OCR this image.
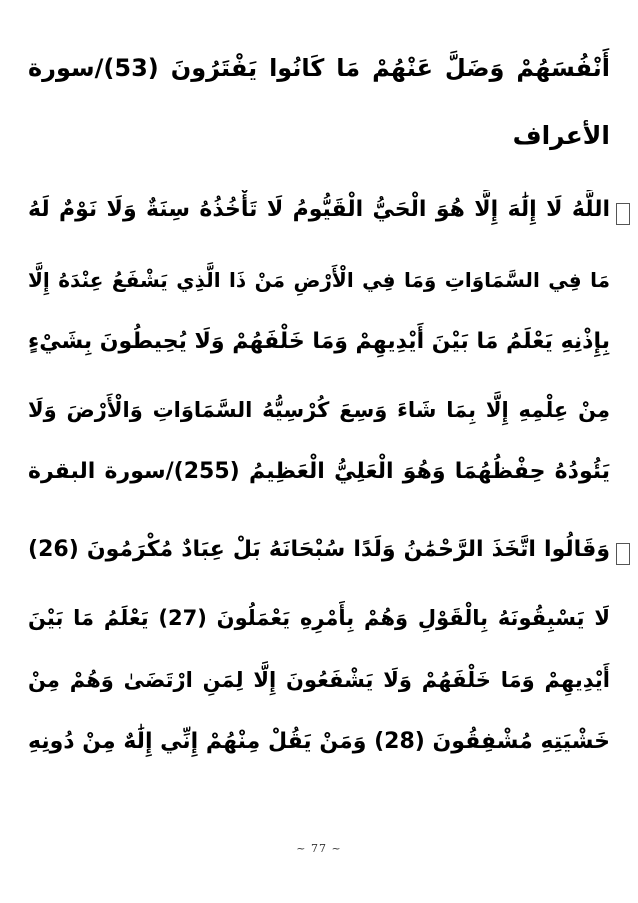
أَنْفُسَهُمْ وَضَلَّ عَنْهُمْ مَا كَانُوا يَفْتَرُونَ (53)/سورة
الأعراف
اللَّهُ لَا إِلَٰهَ إِلَّا هُوَ الْحَيُّ الْقَيُّومُ لَا تَأْخُذُهُ سِنَةٌ وَلَا نَوْمٌ لَهُ
مَا فِي السَّمَاوَاتِ وَمَا فِي الْأَرْضِ مَنْ ذَا الَّذِي يَشْفَعُ عِنْدَهُ إِلَّا
بِإِذْنِهِ يَعْلَمُ مَا بَيْنَ أَيْدِيهِمْ وَمَا خَلْفَهُمْ وَلَا يُحِيطُونَ بِشَيْءٍ
مِنْ عِلْمِهِ إِلَّا بِمَا شَاءَ وَسِعَ كُرْسِيُّهُ السَّمَاوَاتِ وَالْأَرْضَ وَلَا
يَئُودُهُ حِفْظُهُمَا وَهُوَ الْعَلِيُّ الْعَظِيمُ (255)/سورة البقرة
وَقَالُوا اتَّخَذَ الرَّحْمَٰنُ وَلَدًا سُبْحَانَهُ بَلْ عِبَادٌ مُكْرَمُونَ (26)
لَا يَسْبِقُونَهُ بِالْقَوْلِ وَهُمْ بِأَمْرِهِ يَعْمَلُونَ (27) يَعْلَمُ مَا بَيْنَ
أَيْدِيهِمْ وَمَا خَلْفَهُمْ وَلَا يَشْفَعُونَ إِلَّا لِمَنِ ارْتَضَىٰ وَهُمْ مِنْ
خَشْيَتِهِ مُشْفِقُونَ (28) وَمَنْ يَقُلْ مِنْهُمْ إِنِّي إِلَٰهٌ مِنْ دُونِهِ
~ 77 ~
